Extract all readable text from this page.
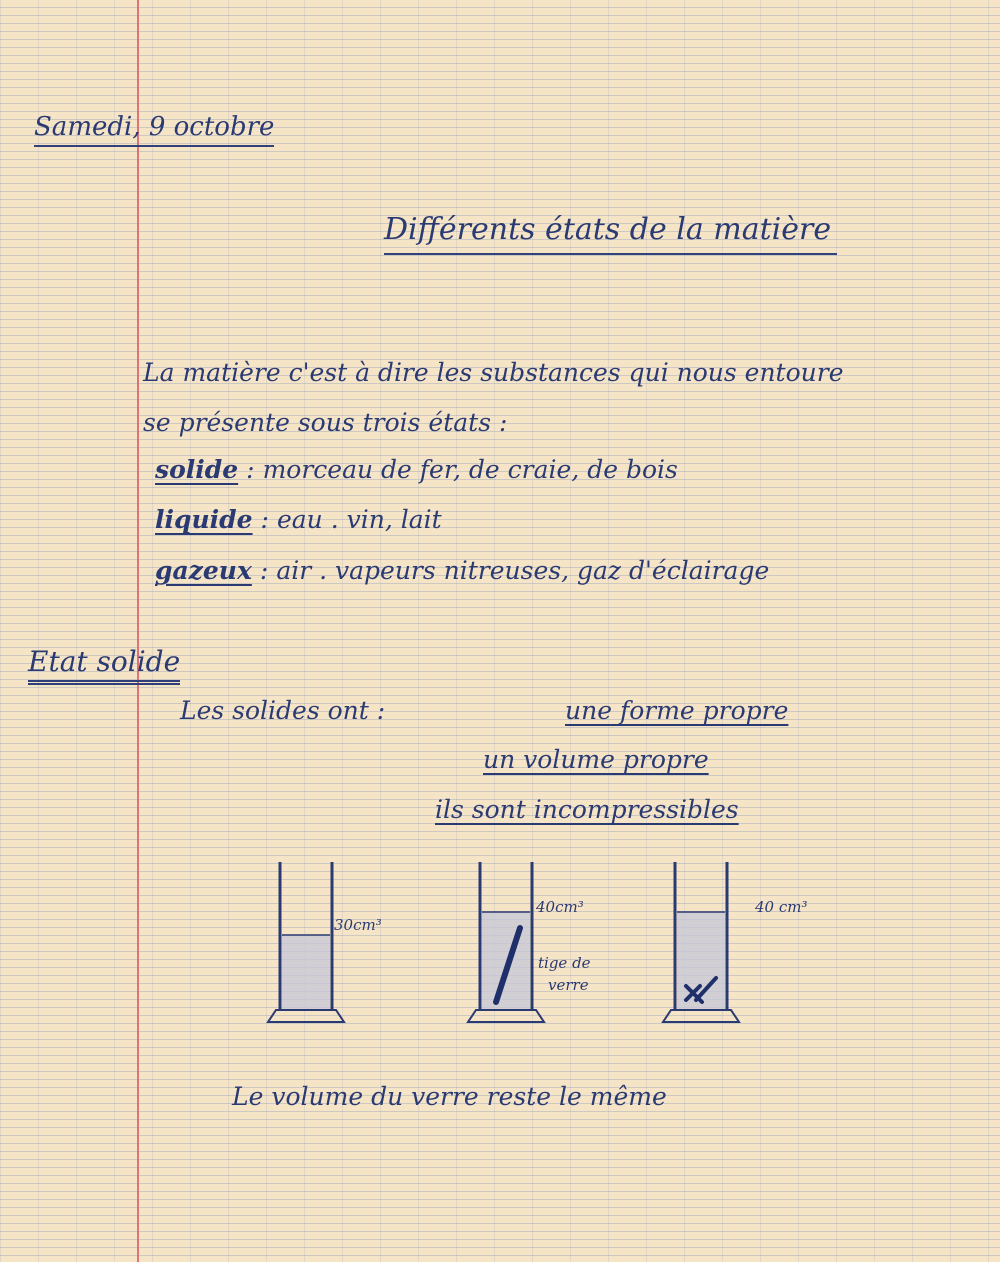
Samedi, 9 octobre
Différents états de la matière
La matière c'est à dire les substances qui nous entoure
se présente sous trois états :
solide : morceau de fer, de craie, de bois
liquide : eau . vin, lait
gazeux : air . vapeurs nitreuses, gaz d'éclairage
Etat solide
Les solides ont :	une forme propre
un volume propre
ils sont incompressibles
30cm³
40cm³
tige de
verre
40 cm³
Le volume du verre reste le même
